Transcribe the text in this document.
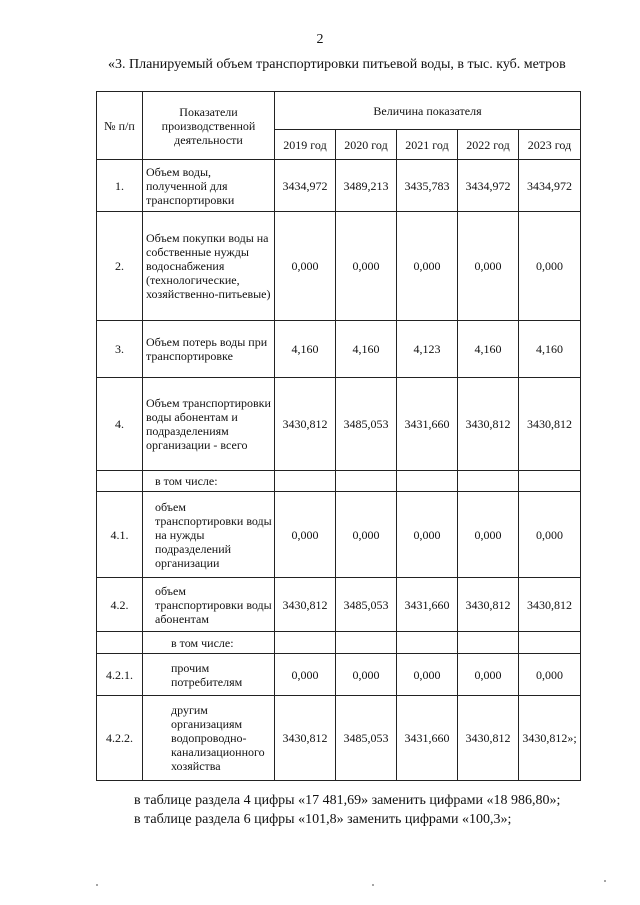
2
«3. Планируемый объем транспортировки питьевой воды, в тыс. куб. метров
№ п/п	Показатели производственной деятельности	Величина показателя				
		2019 год	2020 год	2021 год	2022 год	2023 год
1.	Объем воды, полученной для транспортировки	3434,972	3489,213	3435,783	3434,972	3434,972
2.	Объем покупки воды на собственные нужды водоснабжения (технологические, хозяйственно-питьевые)	0,000	0,000	0,000	0,000	0,000
3.	Объем потерь воды при транспортировке	4,160	4,160	4,123	4,160	4,160
4.	Объем транспортировки воды абонентам и подразделениям организации - всего	3430,812	3485,053	3431,660	3430,812	3430,812
	в том числе:					
4.1.	объем транспортировки воды на нужды подразделений организации	0,000	0,000	0,000	0,000	0,000
4.2.	объем транспортировки воды абонентам	3430,812	3485,053	3431,660	3430,812	3430,812
	в том числе:					
4.2.1.	прочим потребителям	0,000	0,000	0,000	0,000	0,000
4.2.2.	другим организациям водопроводно-канализационного хозяйства	3430,812	3485,053	3431,660	3430,812	3430,812»;
в таблице раздела 4 цифры «17 481,69» заменить цифрами «18 986,80»;
в таблице раздела 6 цифры «101,8» заменить цифрами «100,3»;
